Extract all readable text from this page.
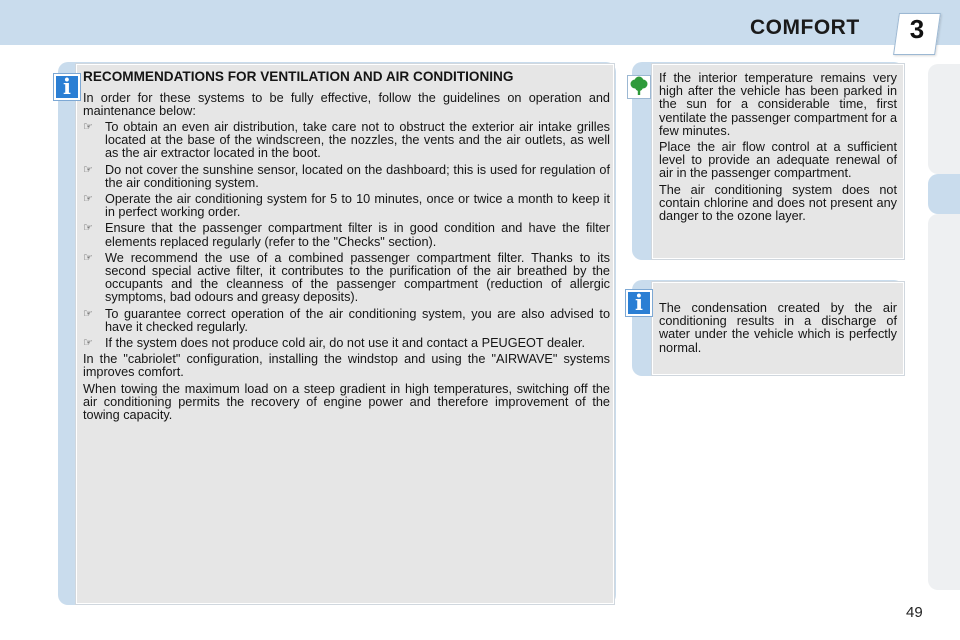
COMFORT	3
i RECOMMENDATIONS FOR VENTILATION AND AIR CONDITIONING

In order for these systems to be fully effective, follow the guidelines on operation and maintenance below:

☞ To obtain an even air distribution, take care not to obstruct the exterior air intake grilles located at the base of the windscreen, the nozzles, the vents and the air outlets, as well as the air extractor located in the boot.
☞ Do not cover the sunshine sensor, located on the dashboard; this is used for regulation of the air conditioning system.
☞ Operate the air conditioning system for 5 to 10 minutes, once or twice a month to keep it in perfect working order.
☞ Ensure that the passenger compartment filter is in good condition and have the filter elements replaced regularly (refer to the "Checks" section).
☞ We recommend the use of a combined passenger compartment filter. Thanks to its second special active filter, it contributes to the purification of the air breathed by the occupants and the cleanness of the passenger compartment (reduction of allergic symptoms, bad odours and greasy deposits).
☞ To guarantee correct operation of the air conditioning system, you are also advised to have it checked regularly.
☞ If the system does not produce cold air, do not use it and contact a PEUGEOT dealer.

In the "cabriolet" configuration, installing the windstop and using the "AIRWAVE" systems improves comfort.

When towing the maximum load on a steep gradient in high temperatures, switching off the air conditioning permits the recovery of engine power and therefore improvement of the towing capacity.

If the interior temperature remains very high after the vehicle has been parked in the sun for a considerable time, first ventilate the passenger compartment for a few minutes.

Place the air flow control at a sufficient level to provide an adequate renewal of air in the passenger compartment.

The air conditioning system does not contain chlorine and does not present any danger to the ozone layer.

i	The condensation created by the air conditioning results in a discharge of water under the vehicle which is perfectly normal.

49
